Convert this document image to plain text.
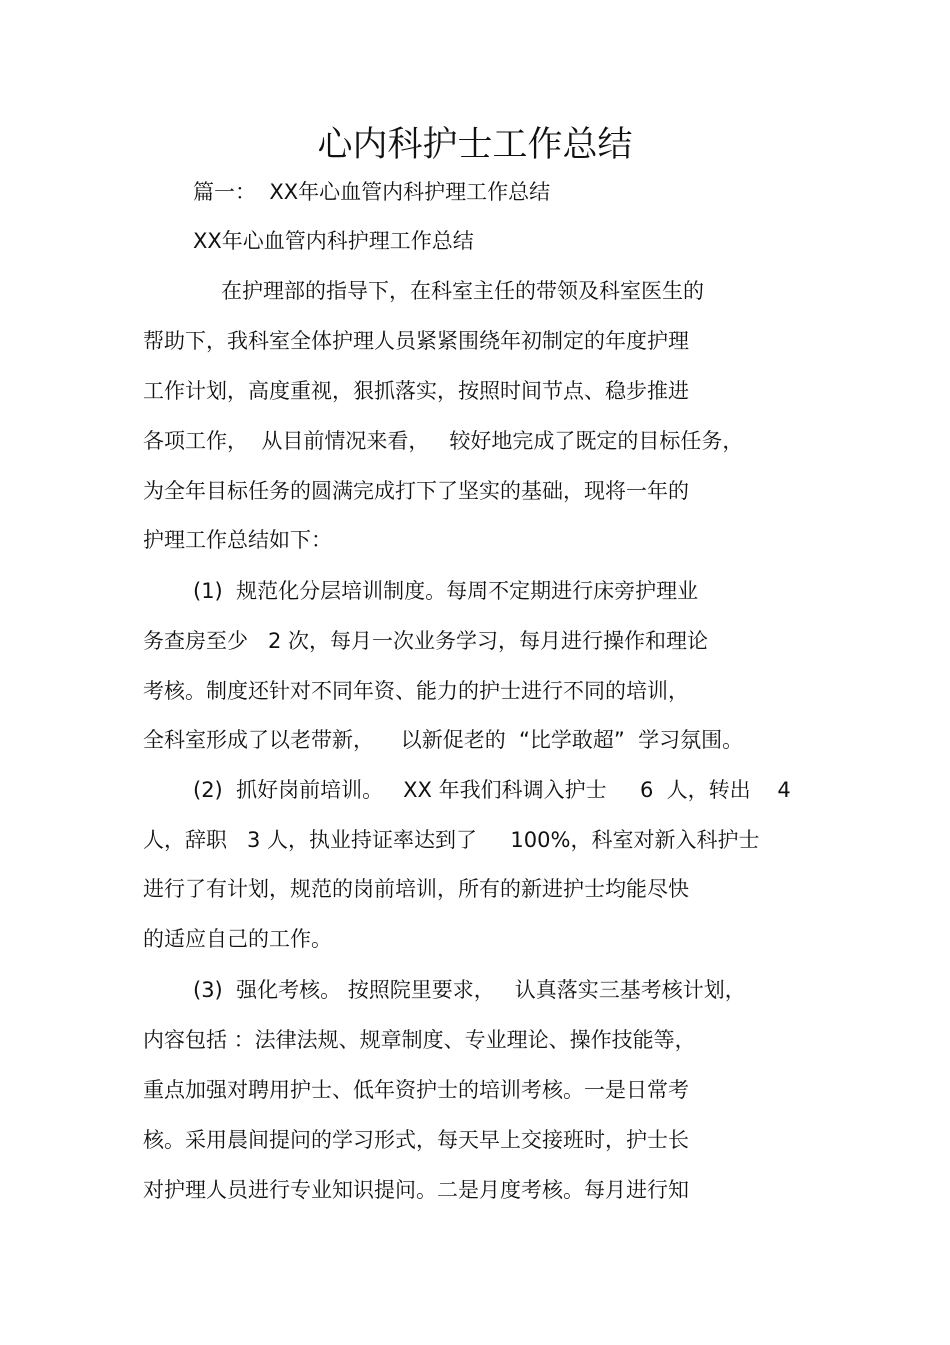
心内科护士工作总结

篇一：  XX年心血管内科护理工作总结

XX年心血管内科护理工作总结

在护理部的指导下，在科室主任的带领及科室医生的

帮助下，我科室全体护理人员紧紧围绕年初制定的年度护理

工作计划，高度重视，狠抓落实，按照时间节点、稳步推进

各项工作，  从目前情况来看，   较好地完成了既定的目标任务，

为全年目标任务的圆满完成打下了坚实的基础，现将一年的

护理工作总结如下：

(1)  规范化分层培训制度。每周不定期进行床旁护理业

务查房至少   2 次，每月一次业务学习，每月进行操作和理论

考核。制度还针对不同年资、能力的护士进行不同的培训，

全科室形成了以老带新，    以新促老的  “比学敢超”  学习氛围。

(2)  抓好岗前培训。   XX 年我们科调入护士     6  人，转出    4

人，辞职   3 人，执业持证率达到了     100%，科室对新入科护士

进行了有计划，规范的岗前培训，所有的新进护士均能尽快

的适应自己的工作。

(3)  强化考核。 按照院里要求，   认真落实三基考核计划，

内容包括 ：法律法规、规章制度、专业理论、操作技能等，

重点加强对聘用护士、低年资护士的培训考核。一是日常考

核。采用晨间提问的学习形式，每天早上交接班时，护士长

对护理人员进行专业知识提问。二是月度考核。每月进行知
